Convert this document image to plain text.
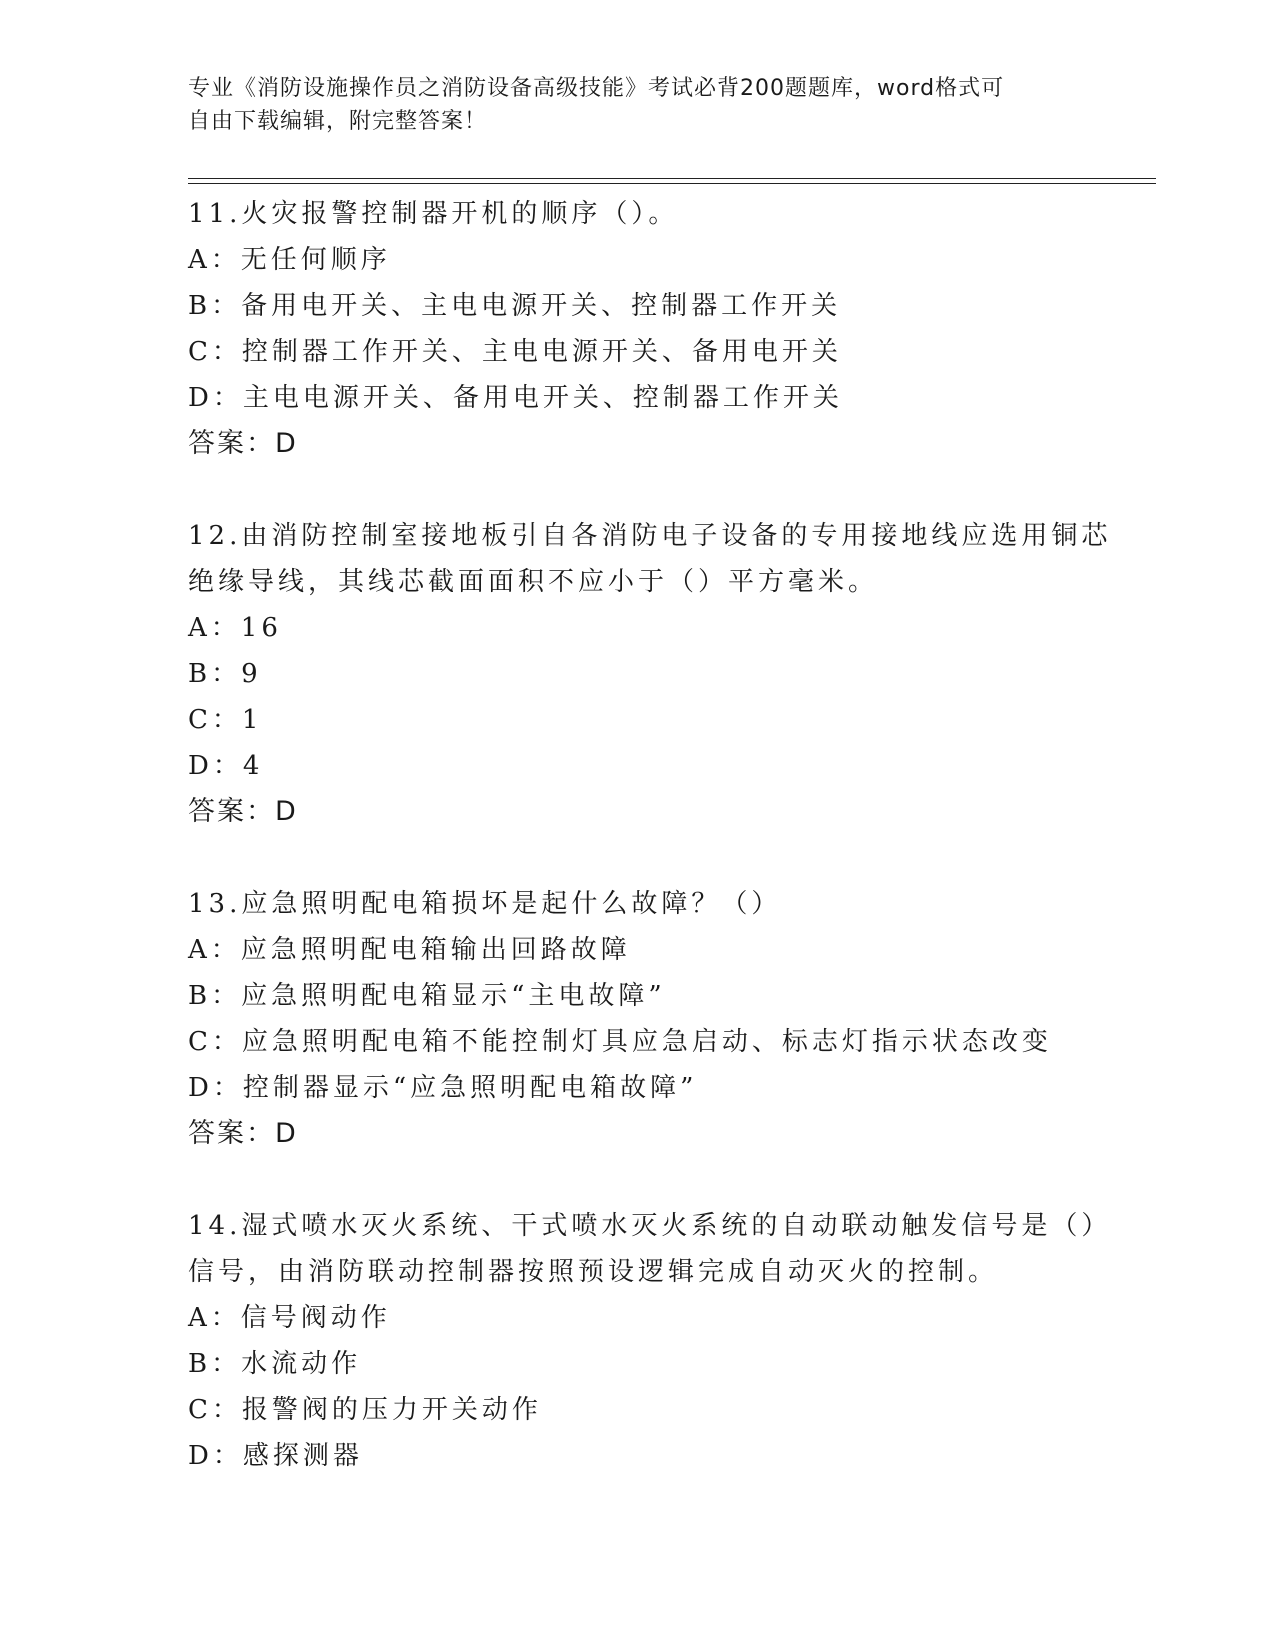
专业《消防设施操作员之消防设备高级技能》考试必背200题题库，word格式可
自由下载编辑，附完整答案！
11.火灾报警控制器开机的顺序（）。
A：无任何顺序
B：备用电开关、主电电源开关、控制器工作开关
C：控制器工作开关、主电电源开关、备用电开关
D：主电电源开关、备用电开关、控制器工作开关
答案：D
12.由消防控制室接地板引自各消防电子设备的专用接地线应选用铜芯
绝缘导线，其线芯截面面积不应小于（）平方毫米。
A：16
B：9
C：1
D：4
答案：D
13.应急照明配电箱损坏是起什么故障？（）
A：应急照明配电箱输出回路故障
B：应急照明配电箱显示“主电故障”
C：应急照明配电箱不能控制灯具应急启动、标志灯指示状态改变
D：控制器显示“应急照明配电箱故障”
答案：D
14.湿式喷水灭火系统、干式喷水灭火系统的自动联动触发信号是（）
信号，由消防联动控制器按照预设逻辑完成自动灭火的控制。
A：信号阀动作
B：水流动作
C：报警阀的压力开关动作
D：感探测器
